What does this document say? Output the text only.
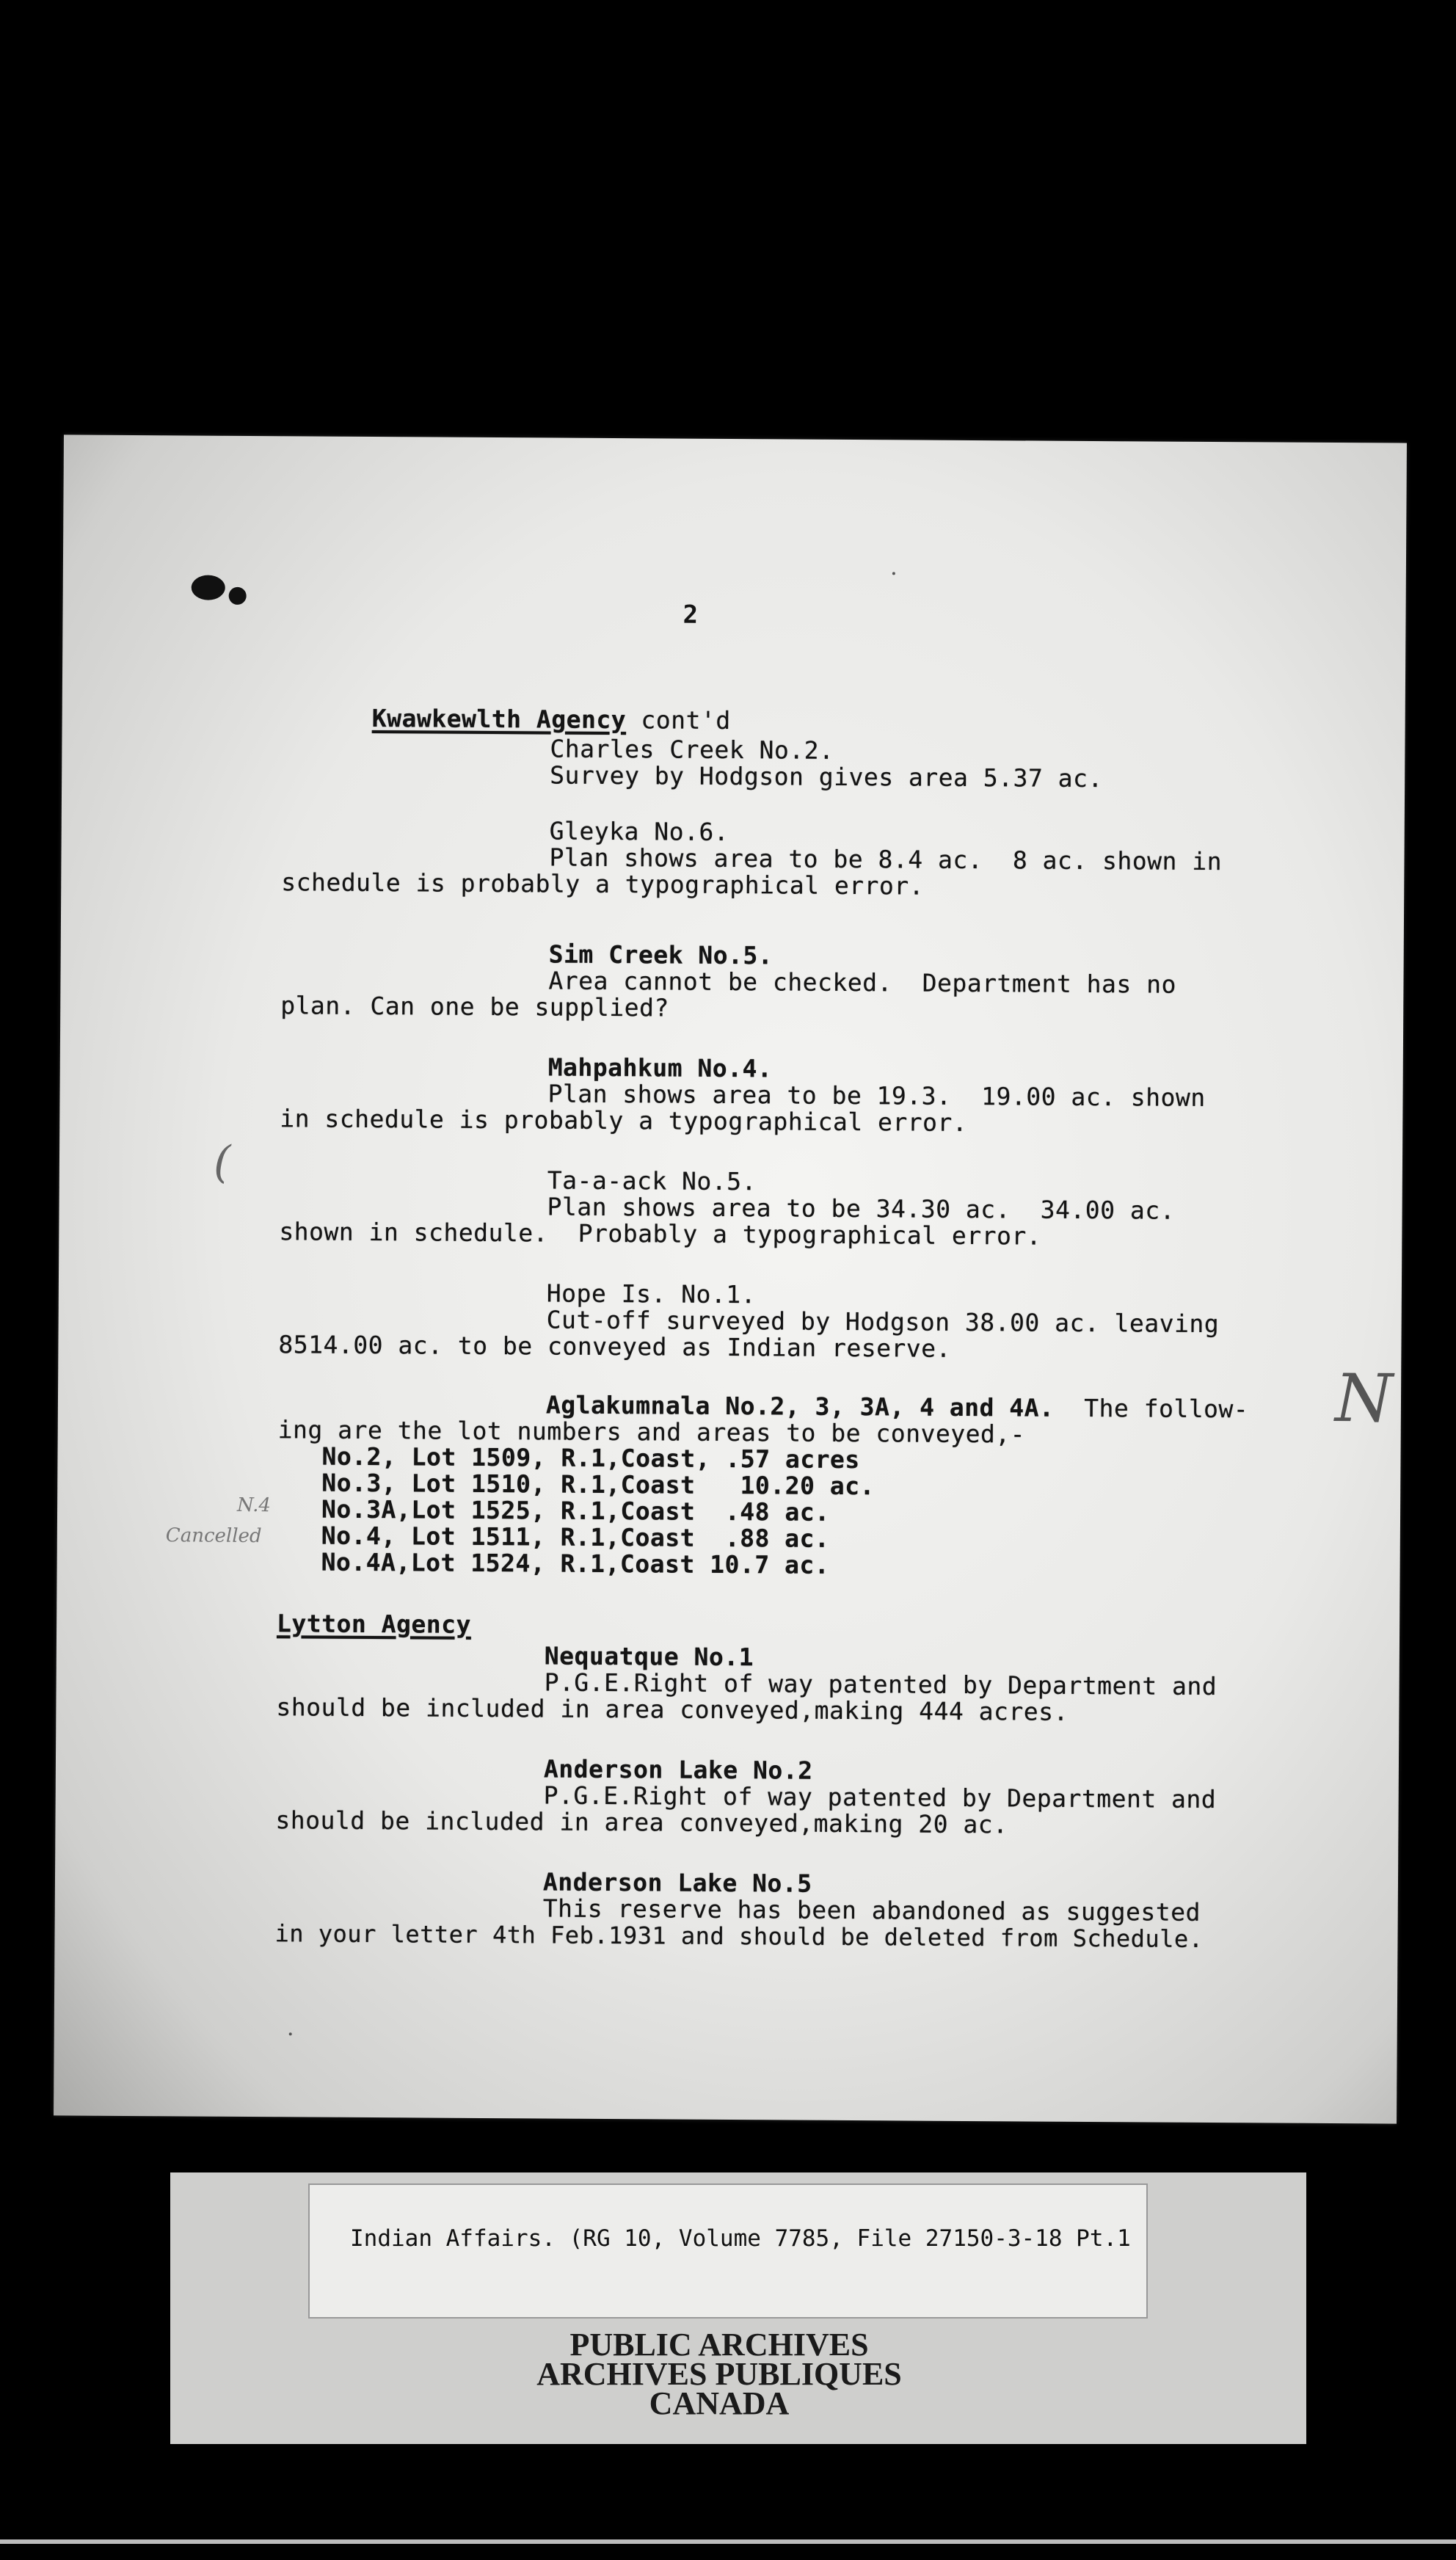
2

Kwawkewlth Agency cont'd

Charles Creek No.2.
Survey by Hodgson gives area 5.37 ac.
Gleyka No.6.
Plan shows area to be 8.4 ac.  8 ac. shown in
schedule is probably a typographical error.
Sim Creek No.5.
Area cannot be checked.  Department has no
plan. Can one be supplied?
Mahpahkum No.4.
Plan shows area to be 19.3.  19.00 ac. shown
in schedule is probably a typographical error.
Ta-a-ack No.5.
Plan shows area to be 34.30 ac.  34.00 ac.
shown in schedule.  Probably a typographical error.
Hope Is. No.1.
Cut-off surveyed by Hodgson 38.00 ac. leaving
8514.00 ac. to be conveyed as Indian reserve.
Aglakumnala No.2, 3, 3A, 4 and 4A.  The follow-
ing are the lot numbers and areas to be conveyed,-
No.2, Lot 1509, R.1,Coast, .57 acres
No.3, Lot 1510, R.1,Coast   10.20 ac.
No.3A,Lot 1525, R.1,Coast  .48 ac.
No.4, Lot 1511, R.1,Coast  .88 ac.
No.4A,Lot 1524, R.1,Coast 10.7 ac.
Lytton Agency
Nequatque No.1
P.G.E.Right of way patented by Department and
should be included in area conveyed,making 444 acres.
Anderson Lake No.2
P.G.E.Right of way patented by Department and
should be included in area conveyed,making 20 ac.
Anderson Lake No.5
This reserve has been abandoned as suggested
in your letter 4th Feb.1931 and should be deleted from Schedule.
N.4
Cancelled
N
(
Indian Affairs. (RG 10, Volume 7785, File 27150-3-18 Pt.1
PUBLIC ARCHIVES
ARCHIVES PUBLIQUES
CANADA
